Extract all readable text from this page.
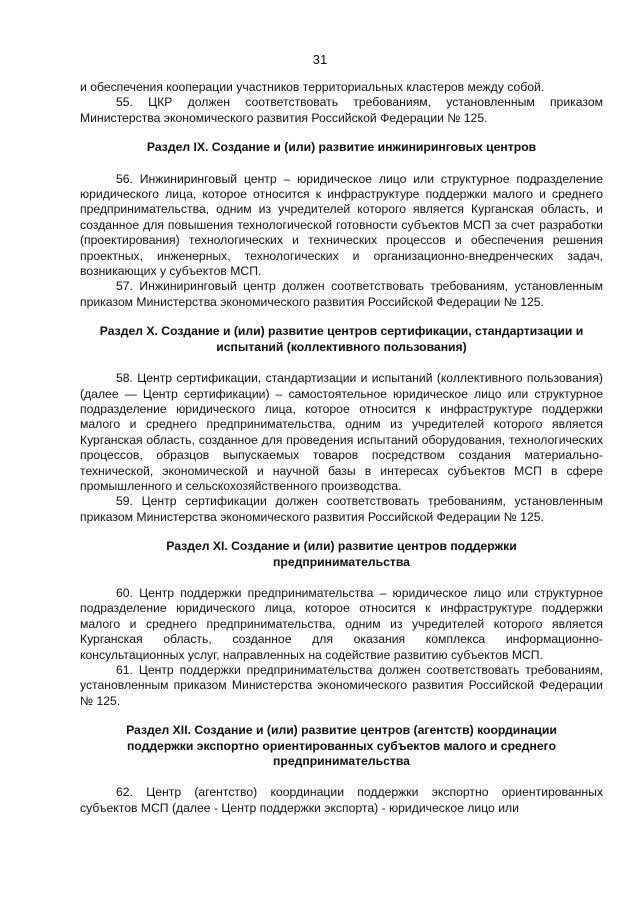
31

и обеспечения кооперации участников территориальных кластеров между собой.

55. ЦКР должен соответствовать требованиям, установленным приказом Министерства экономического развития Российской Федерации № 125.

Раздел IX. Создание и (или) развитие инжиниринговых центров

56. Инжиниринговый центр – юридическое лицо или структурное подразделение юридического лица, которое относится к инфраструктуре поддержки малого и среднего предпринимательства, одним из учредителей которого является Курганская область, и созданное для повышения технологической готовности субъектов МСП за счет разработки (проектирования) технологических и технических процессов и обеспечения решения проектных, инженерных, технологических и организационно-внедренческих задач, возникающих у субъектов МСП.

57. Инжиниринговый центр должен соответствовать требованиям, установленным приказом Министерства экономического развития Российской Федерации № 125.

Раздел X. Создание и (или) развитие центров сертификации, стандартизации и испытаний (коллективного пользования)

58. Центр сертификации, стандартизации и испытаний (коллективного пользования) (далее — Центр сертификации) – самостоятельное юридическое лицо или структурное подразделение юридического лица, которое относится к инфраструктуре поддержки малого и среднего предпринимательства, одним из учредителей которого является Курганская область, созданное для проведения испытаний оборудования, технологических процессов, образцов выпускаемых товаров посредством создания материально-технической, экономической и научной базы в интересах субъектов МСП в сфере промышленного и сельскохозяйственного производства.

59. Центр сертификации должен соответствовать требованиям, установленным приказом Министерства экономического развития Российской Федерации № 125.

Раздел XI. Создание и (или) развитие центров поддержки предпринимательства

60. Центр поддержки предпринимательства – юридическое лицо или структурное подразделение юридического лица, которое относится к инфраструктуре поддержки малого и среднего предпринимательства, одним из учредителей которого является Курганская область, созданное для оказания комплекса информационно-консультационных услуг, направленных на содействие развитию субъектов МСП.

61. Центр поддержки предпринимательства должен соответствовать требованиям, установленным приказом Министерства экономического развития Российской Федерации № 125.

Раздел XII. Создание и (или) развитие центров (агентств) координации поддержки экспортно ориентированных субъектов малого и среднего предпринимательства

62. Центр (агентство) координации поддержки экспортно ориентированных субъектов МСП (далее - Центр поддержки экспорта) - юридическое лицо или
